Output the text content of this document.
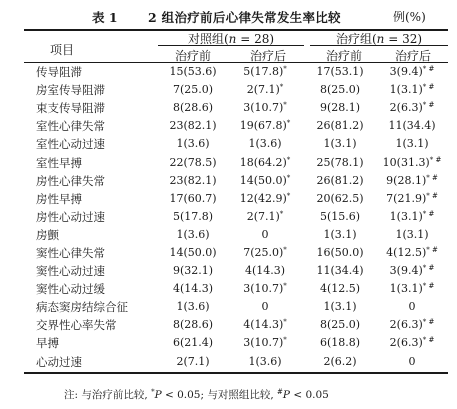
表 1 2 组治疗前后心律失常发生率比较	例(%)
项目
对照组(n = 28)	治疗组(n = 32)
治疗前	治疗后	治疗前	治疗后
传导阻滞	15(53.6)	5(17.8)*	17(53.1)	3(9.4)* #
房室传导阻滞	7(25.0)	2(7.1)*	8(25.0)	1(3.1)* #
束支传导阻滞	8(28.6)	3(10.7)*	9(28.1)	2(6.3)* #
室性心律失常	23(82.1)	19(67.8)*	26(81.2)	11(34.4)
室性心动过速	1(3.6)	1(3.6)	1(3.1)	1(3.1)
室性早搏	22(78.5)	18(64.2)*	25(78.1)	10(31.3)* #
房性心律失常	23(82.1)	14(50.0)*	26(81.2)	9(28.1)* #
房性早搏	17(60.7)	12(42.9)*	20(62.5)	7(21.9)* #
房性心动过速	5(17.8)	2(7.1)*	5(15.6)	1(3.1)* #
房颤	1(3.6)	0	1(3.1)	1(3.1)
窦性心律失常	14(50.0)	7(25.0)*	16(50.0)	4(12.5)* #
窦性心动过速	9(32.1)	4(14.3)	11(34.4)	3(9.4)* #
窦性心动过缓	4(14.3)	3(10.7)*	4(12.5)	1(3.1)* #
病态窦房结综合征	1(3.6)	0	1(3.1)	0
交界性心率失常	8(28.6)	4(14.3)*	8(25.0)	2(6.3)* #
早搏	6(21.4)	3(10.7)*	6(18.8)	2(6.3)* #
心动过速	2(7.1)	1(3.6)	2(6.2)	0
注: 与治疗前比较, *P < 0.05; 与对照组比较, #P < 0.05
